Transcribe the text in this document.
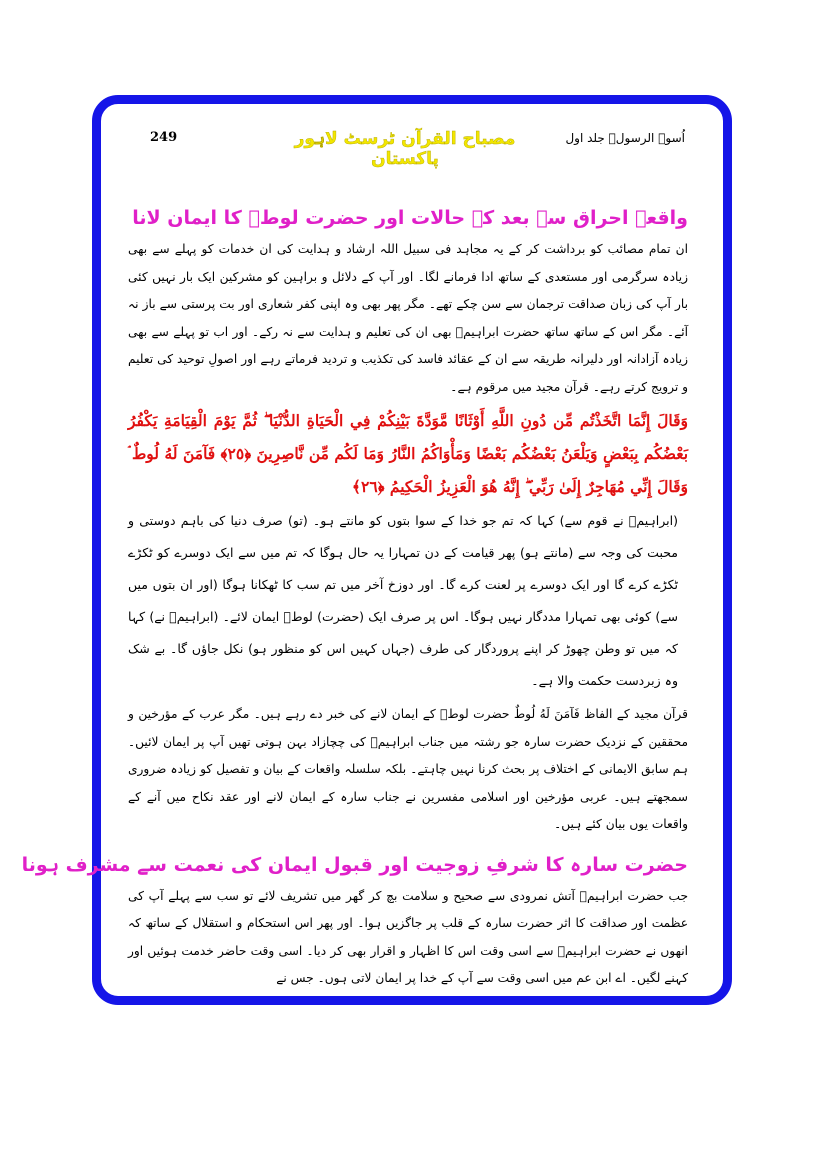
249	مصباح القرآن ٹرسٹ لاہور پاکستان
اُسوۂ الرسولؐ جلد اول
واقعہ احراق سے بعد کے حالات اور حضرت لوطؑ کا ایمان لانا

ان تمام مصائب کو برداشت کر کے یہ مجاہد فی سبیل اللہ ارشاد و ہدایت کی ان خدمات کو پہلے سے بھی زیادہ سرگرمی اور مستعدی کے ساتھ ادا فرمانے لگا۔ اور آپ کے دلائل و براہین کو مشرکین ایک بار نہیں کئی بار آپ کی زبان صداقت ترجمان سے سن چکے تھے۔ مگر پھر بھی وہ اپنی کفر شعاری اور بت پرستی سے باز نہ آئے۔ مگر اس کے ساتھ ساتھ حضرت ابراہیمؑ بھی ان کی تعلیم و ہدایت سے نہ رکے۔ اور اب تو پہلے سے بھی زیادہ آزادانہ اور دلیرانہ طریقہ سے ان کے عقائد فاسد کی تکذیب و تردید فرماتے رہے اور اصولِ توحید کی تعلیم و ترویج کرتے رہے۔ قرآن مجید میں مرقوم ہے۔

وَقَالَ إِنَّمَا اتَّخَذْتُم مِّن دُونِ اللَّهِ أَوْثَانًا مَّوَدَّةَ بَيْنِكُمْ فِي الْحَيَاةِ الدُّنْيَا ۖ ثُمَّ يَوْمَ الْقِيَامَةِ يَكْفُرُ بَعْضُكُم بِبَعْضٍ وَيَلْعَنُ بَعْضُكُم بَعْضًا وَمَأْوَاكُمُ النَّارُ وَمَا لَكُم مِّن نَّاصِرِينَ ﴿٢٥﴾ فَآمَنَ لَهُ لُوطٌ ۘ وَقَالَ إِنِّي مُهَاجِرٌ إِلَىٰ رَبِّي ۖ إِنَّهُ هُوَ الْعَزِيزُ الْحَكِيمُ ﴿٢٦﴾

(ابراہیمؑ نے قوم سے) کہا کہ تم جو خدا کے سوا بتوں کو مانتے ہو۔ (تو) صرف دنیا کی باہم دوستی و محبت کی وجہ سے (مانتے ہو) پھر قیامت کے دن تمہارا یہ حال ہوگا کہ تم میں سے ایک دوسرے کو ٹکڑے ٹکڑے کرے گا اور ایک دوسرے پر لعنت کرے گا۔ اور دوزخ آخر میں تم سب کا ٹھکانا ہوگا (اور ان بتوں میں سے) کوئی بھی تمہارا مددگار نہیں ہوگا۔ اس پر صرف ایک (حضرت) لوطؑ ایمان لائے۔ (ابراہیمؑ نے) کہا کہ میں تو وطن چھوڑ کر اپنے پروردگار کی طرف (جہاں کہیں اس کو منظور ہو) نکل جاؤں گا۔ بے شک وہ زبردست حکمت والا ہے۔

قرآن مجید کے الفاظ فَآمَنَ لَهُ لُوطٌ حضرت لوطؑ کے ایمان لانے کی خبر دے رہے ہیں۔ مگر عرب کے مؤرخین و محققین کے نزدیک حضرت سارہ جو رشتہ میں جناب ابراہیمؑ کی چچازاد بہن ہوتی تھیں آپ پر ایمان لائیں۔ ہم سابق الایمانی کے اختلاف پر بحث کرنا نہیں چاہتے۔ بلکہ سلسلہ واقعات کے بیان و تفصیل کو زیادہ ضروری سمجھتے ہیں۔ عربی مؤرخین اور اسلامی مفسرین نے جناب سارہ کے ایمان لانے اور عقد نکاح میں آنے کے واقعات یوں بیان کئے ہیں۔

حضرت سارہ کا شرفِ زوجیت اور قبول ایمان کی نعمت سے مشرف ہونا

جب حضرت ابراہیمؑ آتش نمرودی سے صحیح و سلامت بچ کر گھر میں تشریف لائے تو سب سے پہلے آپ کی عظمت اور صداقت کا اثر حضرت سارہ کے قلب پر جاگزیں ہوا۔ اور پھر اس استحکام و استقلال کے ساتھ کہ انھوں نے حضرت ابراہیمؑ سے اسی وقت اس کا اظہار و اقرار بھی کر دیا۔ اسی وقت حاضر خدمت ہوئیں اور کہنے لگیں۔ اے ابن عم میں اسی وقت سے آپ کے خدا پر ایمان لاتی ہوں۔ جس نے
